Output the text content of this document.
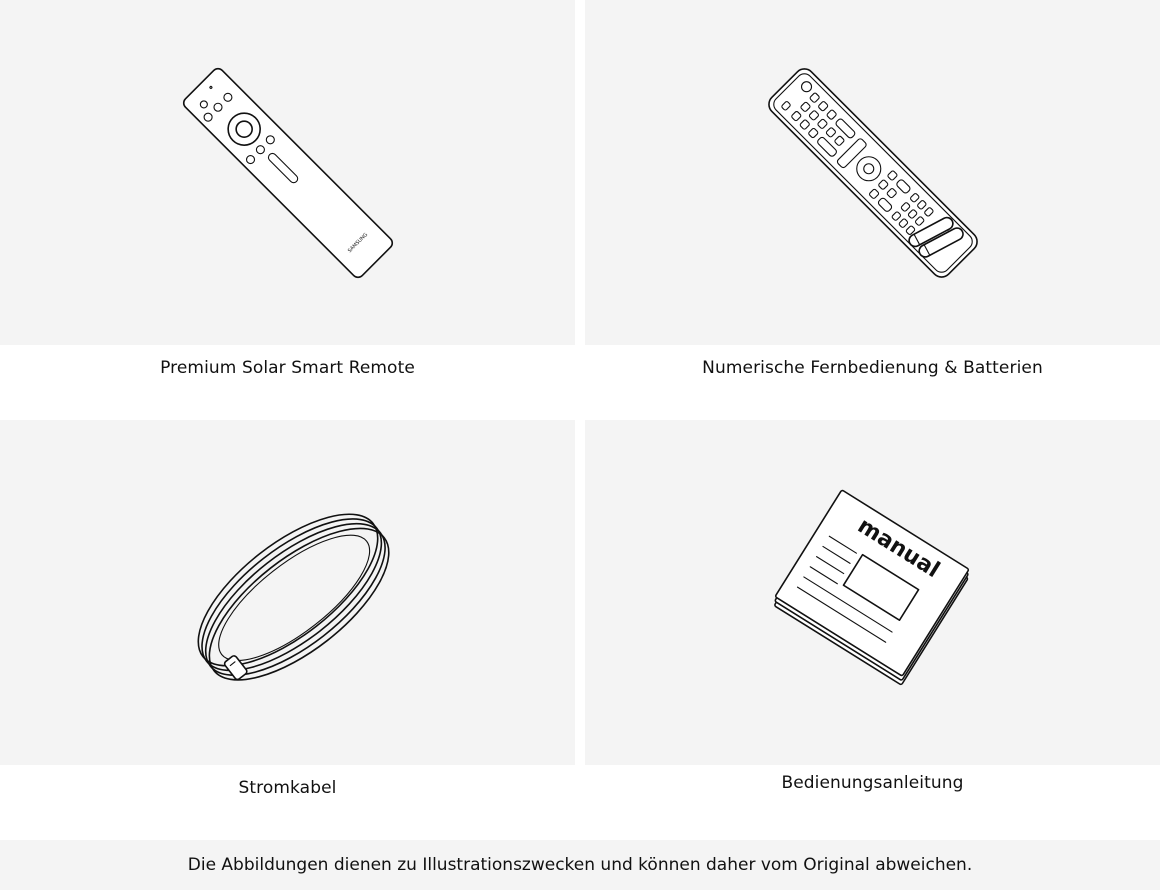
SAMSUNG
Premium Solar Smart Remote	Numerische Fernbedienung & Batterien
Stromkabel
manual
Bedienungsanleitung
Die Abbildungen dienen zu Illustrationszwecken und können daher vom Original abweichen.
